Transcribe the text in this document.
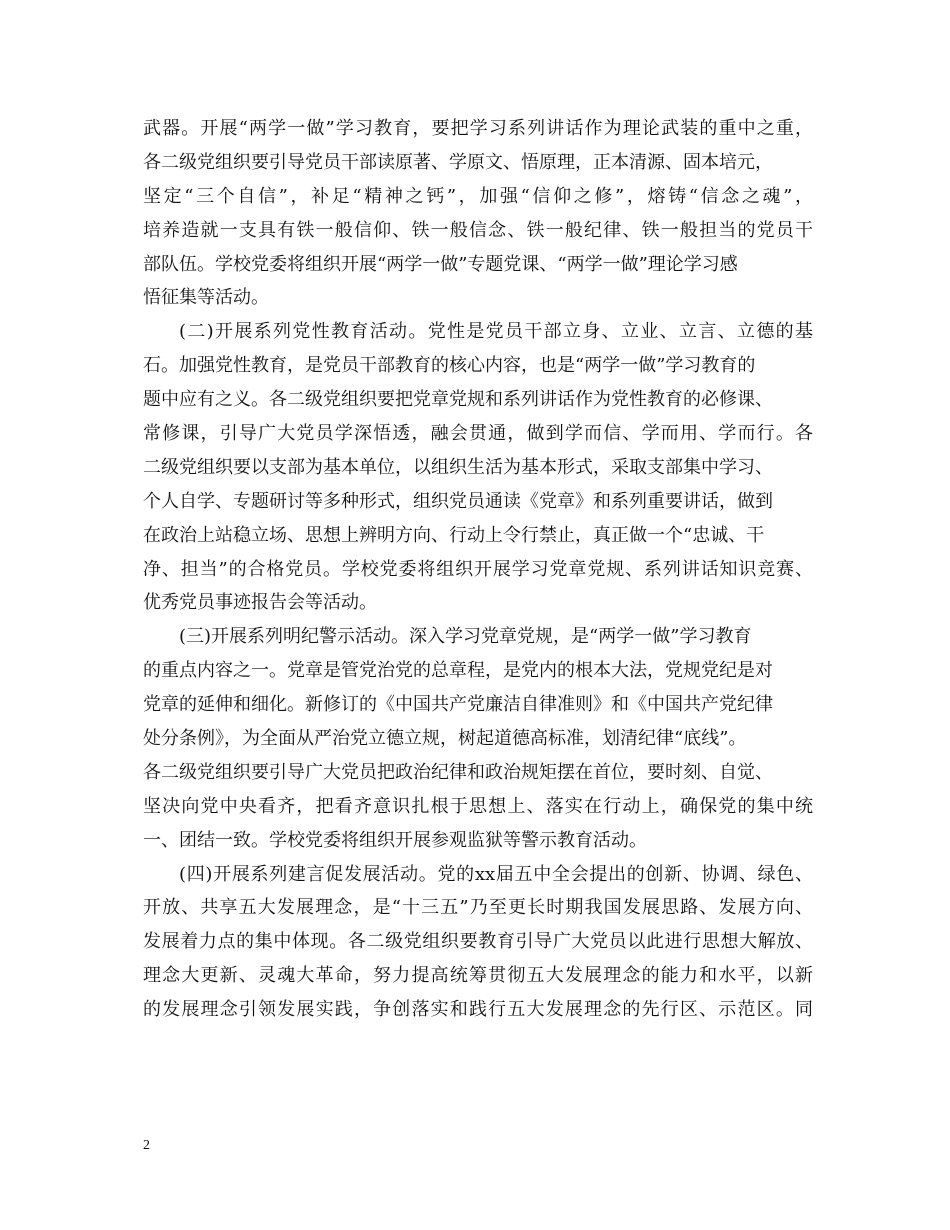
武器。开展“两学一做”学习教育，要把学习系列讲话作为理论武装的重中之重，
各二级党组织要引导党员干部读原著、学原文、悟原理，正本清源、固本培元，
坚定“三个自信”，补足“精神之钙”，加强“信仰之修”，熔铸“信念之魂”，
培养造就一支具有铁一般信仰、铁一般信念、铁一般纪律、铁一般担当的党员干
部队伍。学校党委将组织开展“两学一做”专题党课、“两学一做”理论学习感
悟征集等活动。
(二)开展系列党性教育活动。党性是党员干部立身、立业、立言、立德的基
石。加强党性教育，是党员干部教育的核心内容，也是“两学一做”学习教育的
题中应有之义。各二级党组织要把党章党规和系列讲话作为党性教育的必修课、
常修课，引导广大党员学深悟透，融会贯通，做到学而信、学而用、学而行。各
二级党组织要以支部为基本单位，以组织生活为基本形式，采取支部集中学习、
个人自学、专题研讨等多种形式，组织党员通读《党章》和系列重要讲话，做到
在政治上站稳立场、思想上辨明方向、行动上令行禁止，真正做一个“忠诚、干
净、担当”的合格党员。学校党委将组织开展学习党章党规、系列讲话知识竞赛、
优秀党员事迹报告会等活动。
(三)开展系列明纪警示活动。深入学习党章党规，是“两学一做”学习教育
的重点内容之一。党章是管党治党的总章程，是党内的根本大法，党规党纪是对
党章的延伸和细化。新修订的《中国共产党廉洁自律准则》和《中国共产党纪律
处分条例》，为全面从严治党立德立规，树起道德高标准，划清纪律“底线”。
各二级党组织要引导广大党员把政治纪律和政治规矩摆在首位，要时刻、自觉、
坚决向党中央看齐，把看齐意识扎根于思想上、落实在行动上，确保党的集中统
一、团结一致。学校党委将组织开展参观监狱等警示教育活动。
(四)开展系列建言促发展活动。党的xx届五中全会提出的创新、协调、绿色、
开放、共享五大发展理念，是“十三五”乃至更长时期我国发展思路、发展方向、
发展着力点的集中体现。各二级党组织要教育引导广大党员以此进行思想大解放、
理念大更新、灵魂大革命，努力提高统筹贯彻五大发展理念的能力和水平，以新
的发展理念引领发展实践，争创落实和践行五大发展理念的先行区、示范区。同
2
